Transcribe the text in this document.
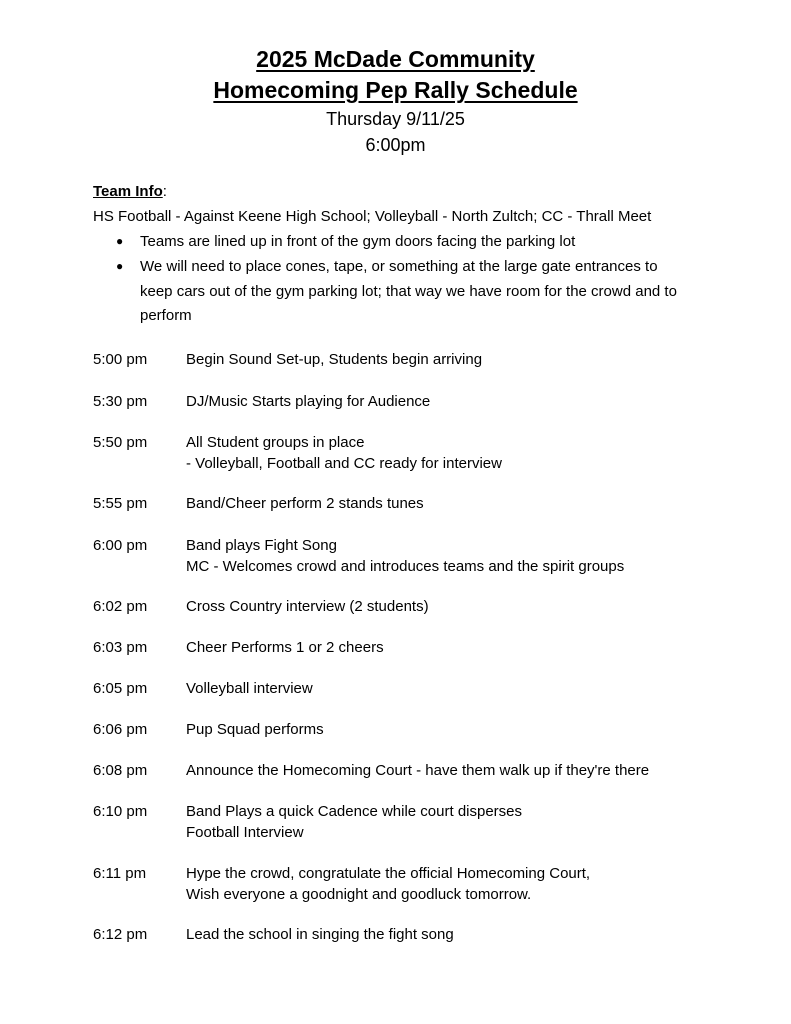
2025 McDade Community
Homecoming Pep Rally Schedule
Thursday 9/11/25
6:00pm
Team Info:
HS Football - Against Keene High School; Volleyball - North Zultch; CC - Thrall Meet
● Teams are lined up in front of the gym doors facing the parking lot
● We will need to place cones, tape, or something at the large gate entrances to
keep cars out of the gym parking lot; that way we have room for the crowd and to
perform
5:00 pm	Begin Sound Set-up, Students begin arriving
5:30 pm	DJ/Music Starts playing for Audience
5:50 pm	All Student groups in place
- Volleyball, Football and CC ready for interview
5:55 pm	Band/Cheer perform 2 stands tunes
6:00 pm	Band plays Fight Song
MC - Welcomes crowd and introduces teams and the spirit groups
6:02 pm	Cross Country interview (2 students)
6:03 pm	Cheer Performs 1 or 2 cheers
6:05 pm	Volleyball interview
6:06 pm	Pup Squad performs
6:08 pm	Announce the Homecoming Court - have them walk up if they're there
6:10 pm	Band Plays a quick Cadence while court disperses
Football Interview
6:11 pm	Hype the crowd, congratulate the official Homecoming Court,
Wish everyone a goodnight and goodluck tomorrow.
6:12 pm	Lead the school in singing the fight song
